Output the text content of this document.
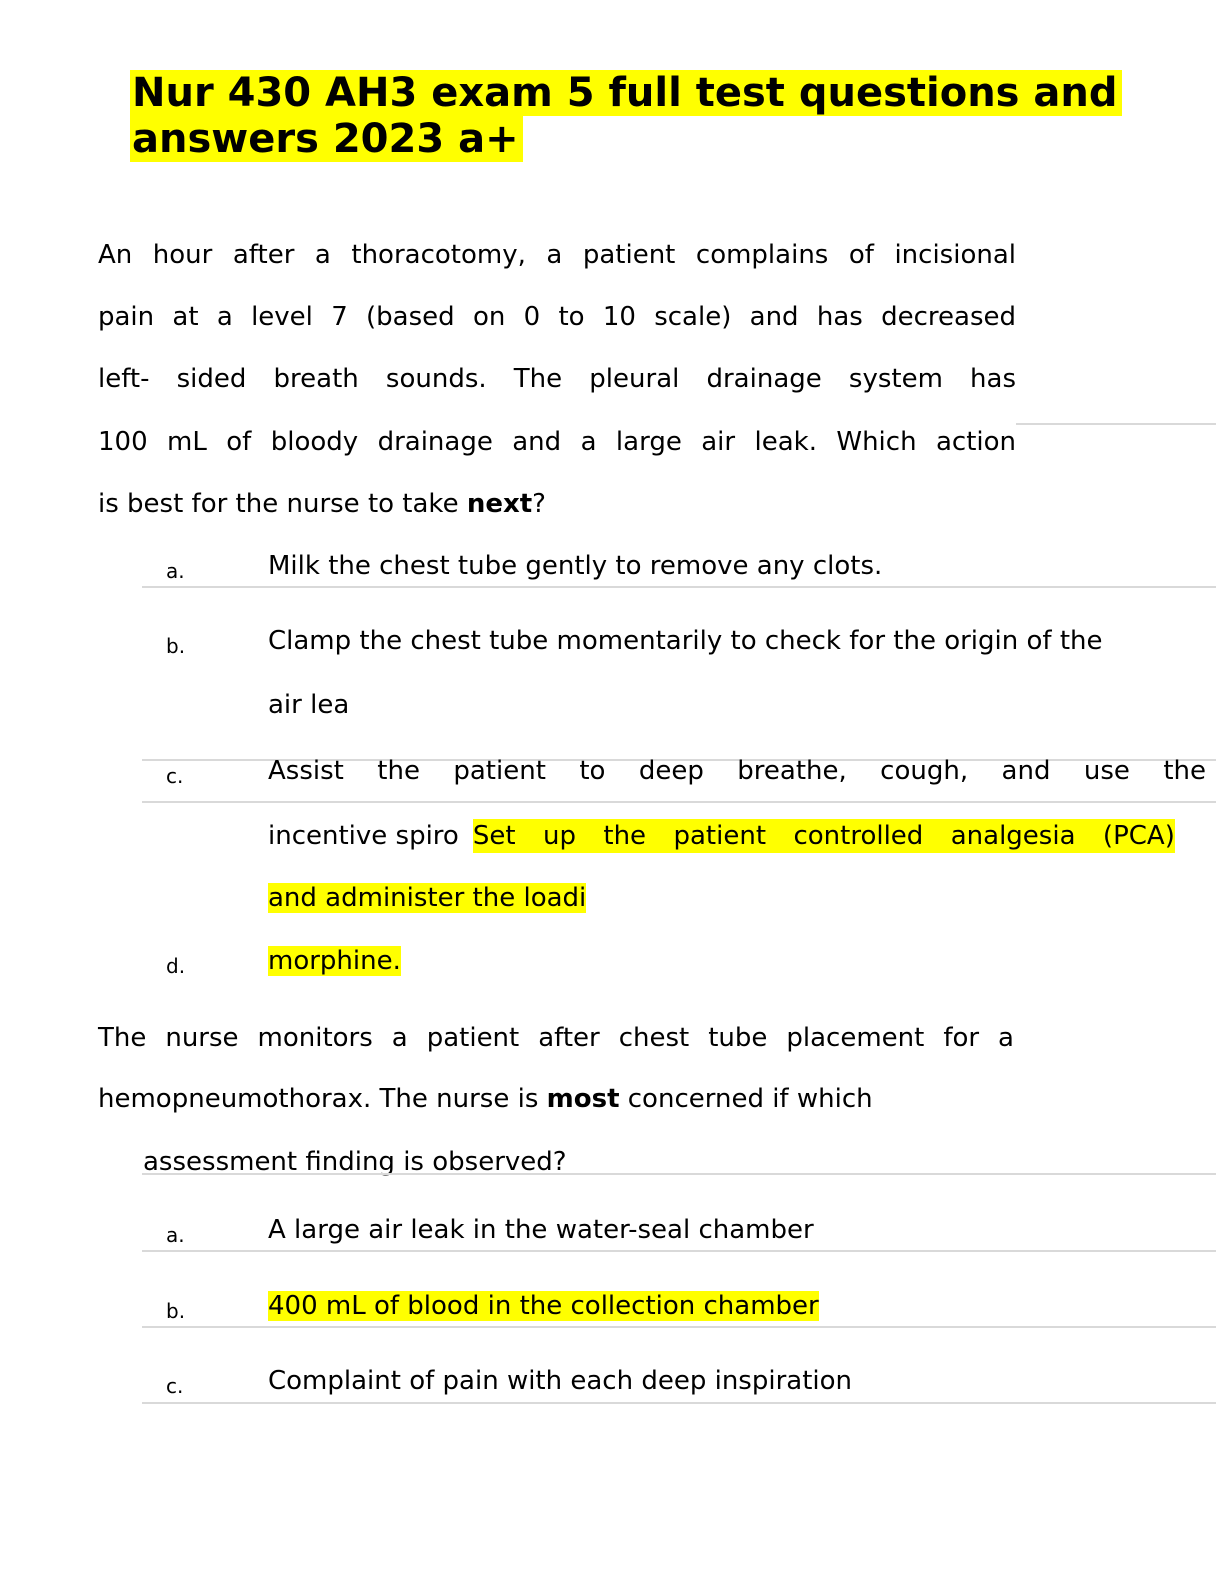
Nur 430 AH3 exam 5 full test questions and
answers 2023 a+

An hour after a thoracotomy, a patient complains of incisional

pain at a level 7 (based on 0 to 10 scale) and has decreased

left- sided breath sounds. The pleural drainage system has

100 mL of bloody drainage and a large air leak. Which action

is best for the nurse to take next?

a.	Milk the chest tube gently to remove any clots.

b.	Clamp the chest tube momentarily to check for the origin of the

air lea

c.	Assist the patient to deep breathe, cough, and use the

incentive spiro Set up the patient controlled analgesia (PCA)

and administer the loadi

d.	morphine.

The nurse monitors a patient after chest tube placement for a

hemopneumothorax. The nurse is most concerned if which

assessment finding is observed?

a.	A large air leak in the water-seal chamber

b.	400 mL of blood in the collection chamber

c.	Complaint of pain with each deep inspiration
